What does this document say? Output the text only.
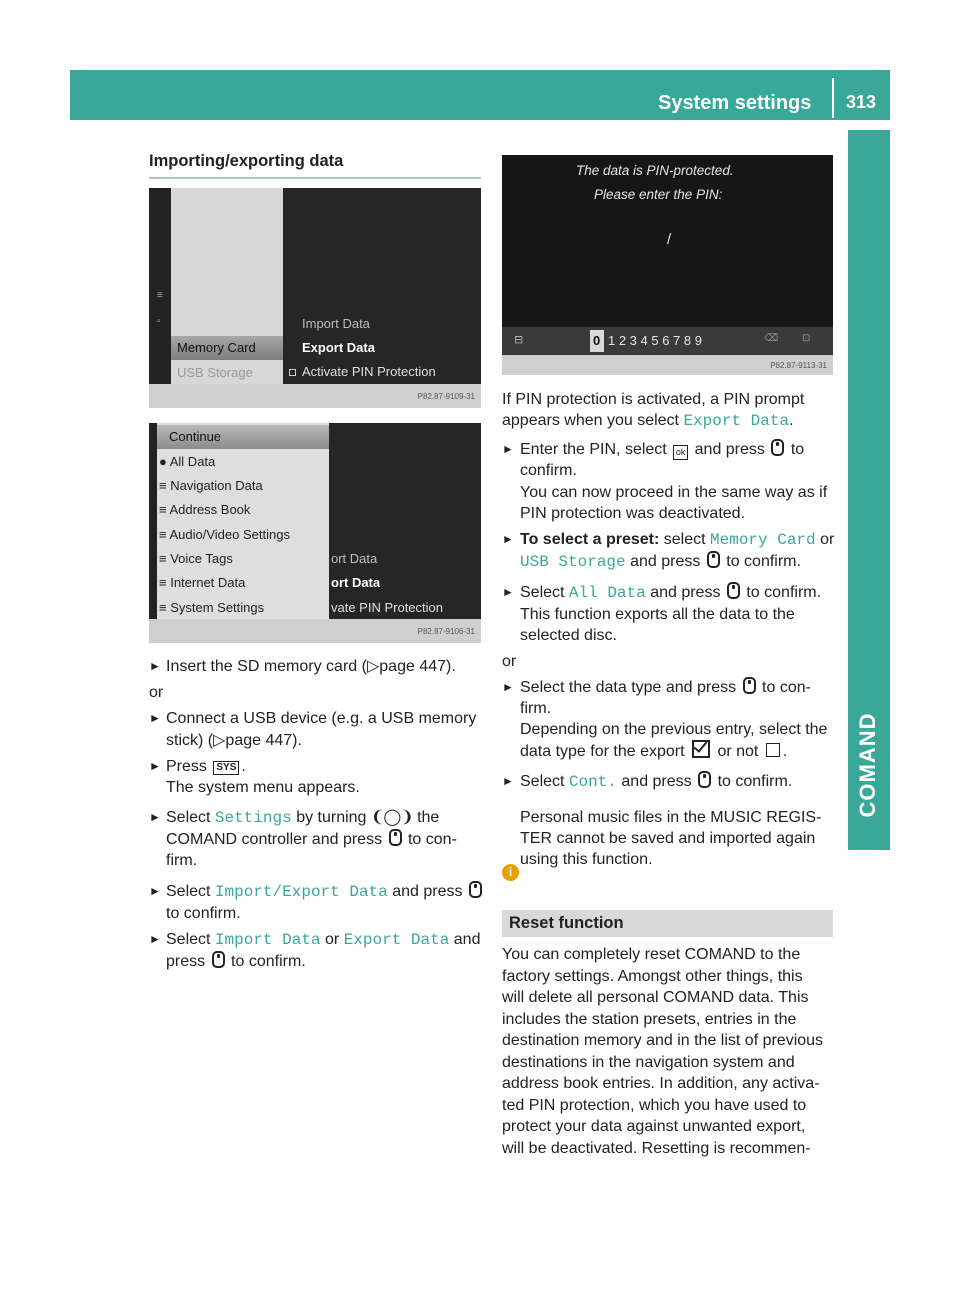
System settings 313
COMAND
Importing/exporting data
≡
▫
Memory Card
USB Storage
Import Data
Export Data
Activate PIN Protection
P82.87-9109-31
Continue
● All Data
≡ Navigation Data
≡ Address Book
≡ Audio/Video Settings
≡ Voice Tags
≡ Internet Data
≡ System Settings
ort Data
ort Data
vate PIN Protection
P82.87-9106-31
► Insert the SD memory card (▷page 447).
or
► Connect a USB device (e.g. a USB memory
stick) (▷page 447).
► Press SYS .
The system menu appears.
► Select Settings by turning ❨◯❩ the
COMAND controller and press to con-
firm.
► Select Import/Export Data and press
to confirm.
► Select Import Data or Export Data and
press to confirm.
The data is PIN-protected.
Please enter the PIN:
/
⊟	0 1 2 3 4 5 6 7 8 9	⌫ ⊡
P82.87-9113-31
If PIN protection is activated, a PIN prompt
appears when you select Export Data.
► Enter the PIN, select ok and press to
confirm.
You can now proceed in the same way as if
PIN protection was deactivated.
► To select a preset: select Memory Card or
USB Storage and press to confirm.
► Select All Data and press to confirm.
This function exports all the data to the
selected disc.
or
► Select the data type and press to con-
firm.
Depending on the previous entry, select the
data type for the export or not .
► Select Cont. and press to confirm.
i
Personal music files in the MUSIC REGIS-
TER cannot be saved and imported again
using this function.
Reset function
You can completely reset COMAND to the
factory settings. Amongst other things, this
will delete all personal COMAND data. This
includes the station presets, entries in the
destination memory and in the list of previous
destinations in the navigation system and
address book entries. In addition, any activa-
ted PIN protection, which you have used to
protect your data against unwanted export,
will be deactivated. Resetting is recommen-
